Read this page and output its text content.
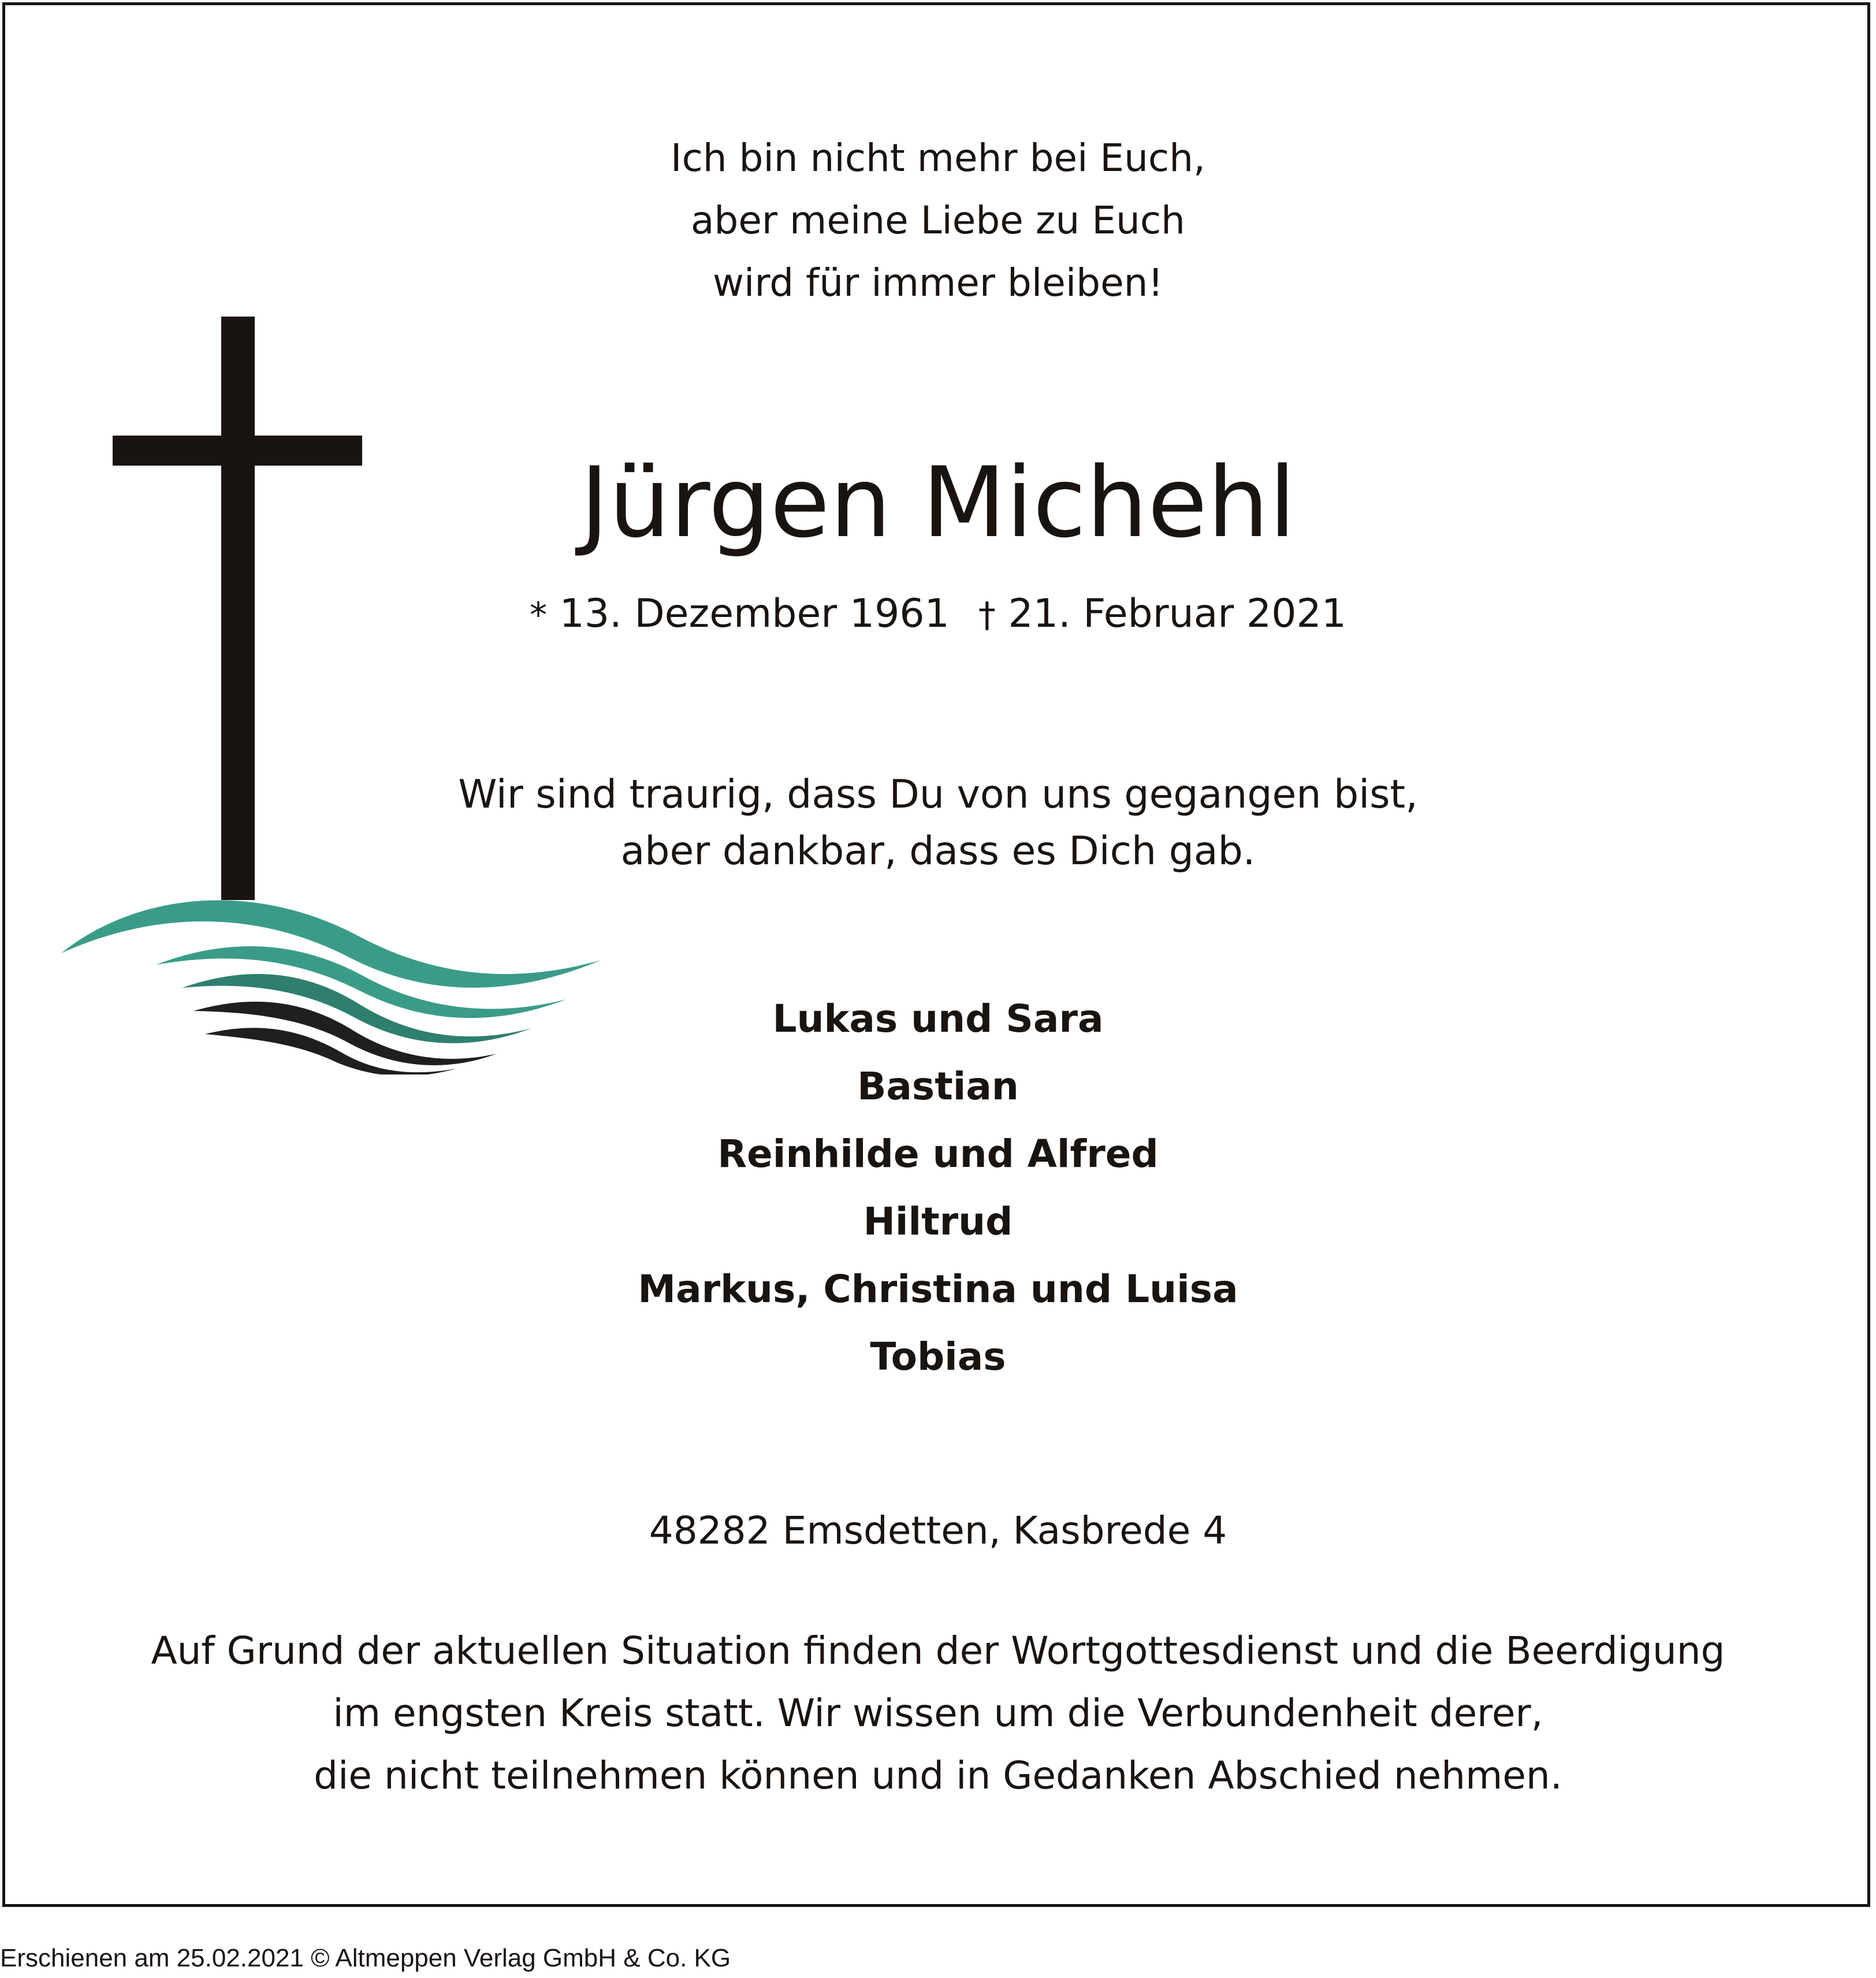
Ich bin nicht mehr bei Euch,
aber meine Liebe zu Euch
wird für immer bleiben!
Jürgen Michehl
* 13. Dezember 1961 † 21. Februar 2021
Wir sind traurig, dass Du von uns gegangen bist,
aber dankbar, dass es Dich gab.
Lukas und Sara
Bastian
Reinhilde und Alfred
Hiltrud
Markus, Christina und Luisa
Tobias
48282 Emsdetten, Kasbrede 4
Auf Grund der aktuellen Situation finden der Wortgottesdienst und die Beerdigung
im engsten Kreis statt. Wir wissen um die Verbundenheit derer,
die nicht teilnehmen können und in Gedanken Abschied nehmen.
Erschienen am 25.02.2021 © Altmeppen Verlag GmbH & Co. KG
